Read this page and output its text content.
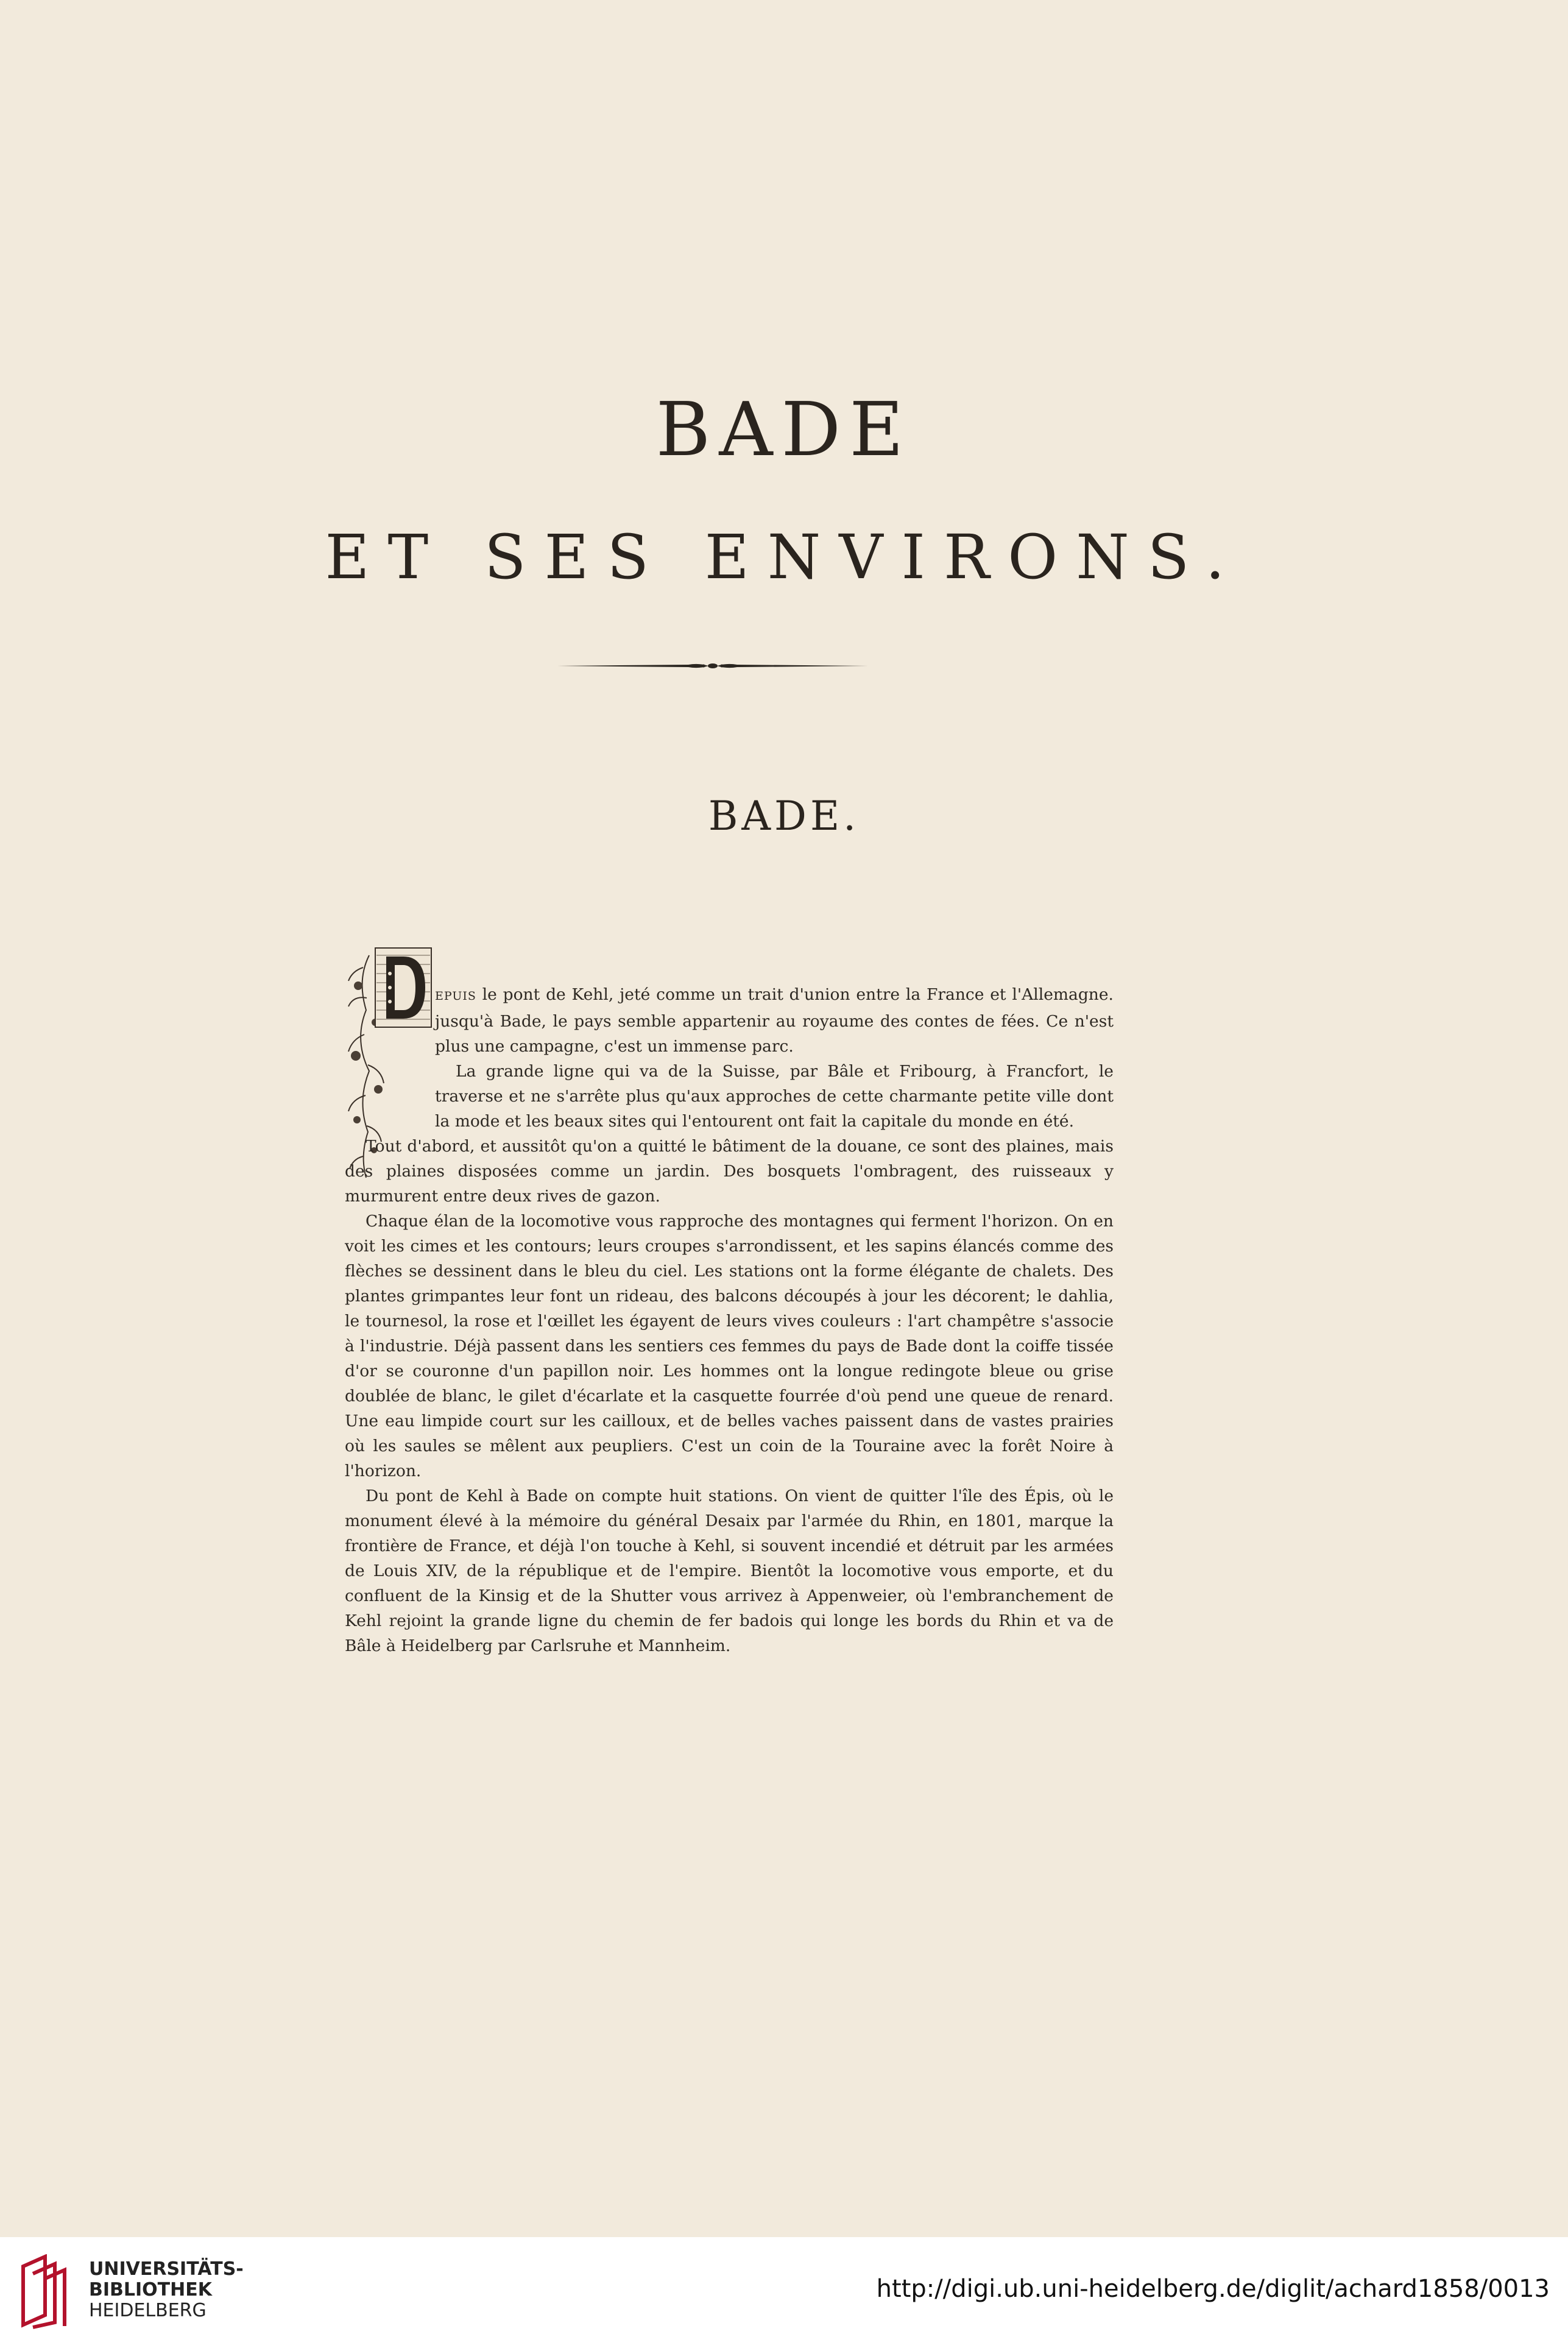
BADE
ET SES ENVIRONS.
BADE.

EPUIS le pont de Kehl, jeté comme un trait d'union entre la France et l'Allemagne. jusqu'à Bade, le pays semble appartenir au royaume des contes de fées. Ce n'est plus une campagne, c'est un immense parc.

La grande ligne qui va de la Suisse, par Bâle et Fribourg, à Francfort, le traverse et ne s'arrête plus qu'aux approches de cette charmante petite ville dont la mode et les beaux sites qui l'entourent ont fait la capitale du monde en été.

Tout d'abord, et aussitôt qu'on a quitté le bâtiment de la douane, ce sont des plaines, mais des plaines disposées comme un jardin. Des bosquets l'ombragent, des ruisseaux y murmurent entre deux rives de gazon.

Chaque élan de la locomotive vous rapproche des montagnes qui ferment l'horizon. On en voit les cimes et les contours; leurs croupes s'arrondissent, et les sapins élancés comme des flèches se dessinent dans le bleu du ciel. Les stations ont la forme élégante de chalets. Des plantes grimpantes leur font un rideau, des balcons découpés à jour les décorent; le dahlia, le tournesol, la rose et l'œillet les égayent de leurs vives couleurs : l'art champêtre s'associe à l'industrie. Déjà passent dans les sentiers ces femmes du pays de Bade dont la coiffe tissée d'or se couronne d'un papillon noir. Les hommes ont la longue redingote bleue ou grise doublée de blanc, le gilet d'écarlate et la casquette fourrée d'où pend une queue de renard. Une eau limpide court sur les cailloux, et de belles vaches paissent dans de vastes prairies où les saules se mêlent aux peupliers. C'est un coin de la Touraine avec la forêt Noire à l'horizon.

Du pont de Kehl à Bade on compte huit stations. On vient de quitter l'île des Épis, où le monument élevé à la mémoire du général Desaix par l'armée du Rhin, en 1801, marque la frontière de France, et déjà l'on touche à Kehl, si souvent incendié et détruit par les armées de Louis XIV, de la république et de l'empire. Bientôt la locomotive vous emporte, et du confluent de la Kinsig et de la Shutter vous arrivez à Appenweier, où l'embranchement de Kehl rejoint la grande ligne du chemin de fer badois qui longe les bords du Rhin et va de Bâle à Heidelberg par Carlsruhe et Mannheim.

UNIVERSITÄTS-
BIBLIOTHEK
HEIDELBERG
http://digi.ub.uni-heidelberg.de/diglit/achard1858/0013
